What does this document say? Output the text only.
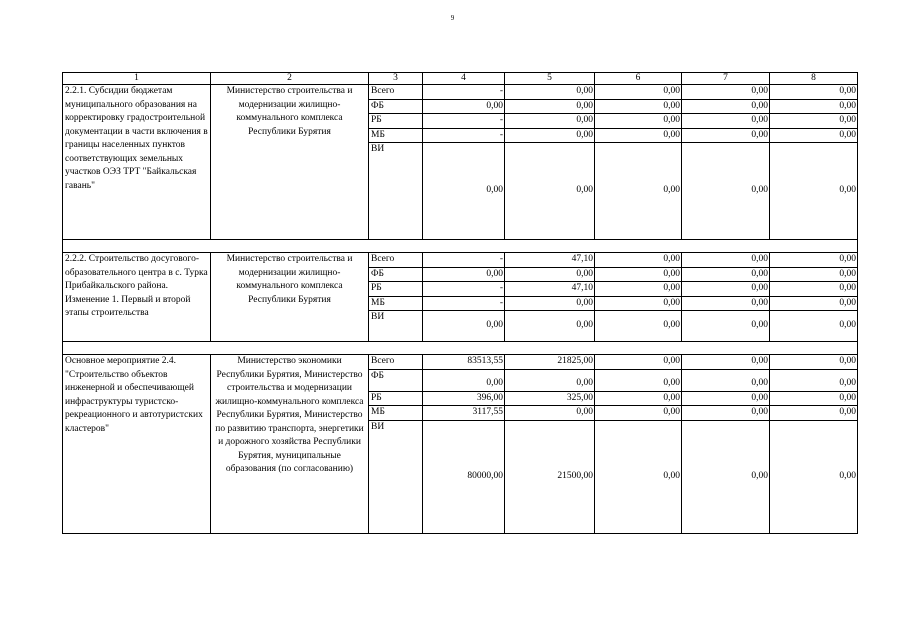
9
1	2	3	4	5	6	7	8
2.2.1. Субсидии бюджетам муниципального образования на корректировку градостроительной документации в части включения в границы населенных пунктов соответствующих земельных участков ОЭЗ ТРТ "Байкальская гавань"	Министерство строительства и модернизации жилищно-коммунального комплекса Республики Бурятия	Всего	-	0,00	0,00	0,00	0,00
		ФБ	0,00	0,00	0,00	0,00	0,00
		РБ	-	0,00	0,00	0,00	0,00
		МБ	-	0,00	0,00	0,00	0,00
		ВИ	0,00	0,00	0,00	0,00	0,00

2.2.2. Строительство досугового-образовательного центра в с. Турка Прибайкальского района. Изменение 1. Первый и второй этапы строительства	Министерство строительства и модернизации жилищно-коммунального комплекса Республики Бурятия	Всего	-	47,10	0,00	0,00	0,00
		ФБ	0,00	0,00	0,00	0,00	0,00
		РБ	-	47,10	0,00	0,00	0,00
		МБ	-	0,00	0,00	0,00	0,00
		ВИ	0,00	0,00	0,00	0,00	0,00

Основное мероприятие 2.4. "Строительство объектов инженерной и обеспечивающей инфраструктуры туристско-рекреационного и автотуристских кластеров"	Министерство экономики Республики Бурятия, Министерство строительства и модернизации жилищно-коммунального комплекса Республики Бурятия, Министерство по развитию транспорта, энергетики и дорожного хозяйства Республики Бурятия, муниципальные образования (по согласованию)	Всего	83513,55	21825,00	0,00	0,00	0,00
		ФБ	0,00	0,00	0,00	0,00	0,00
		РБ	396,00	325,00	0,00	0,00	0,00
		МБ	3117,55	0,00	0,00	0,00	0,00
		ВИ	80000,00	21500,00	0,00	0,00	0,00
